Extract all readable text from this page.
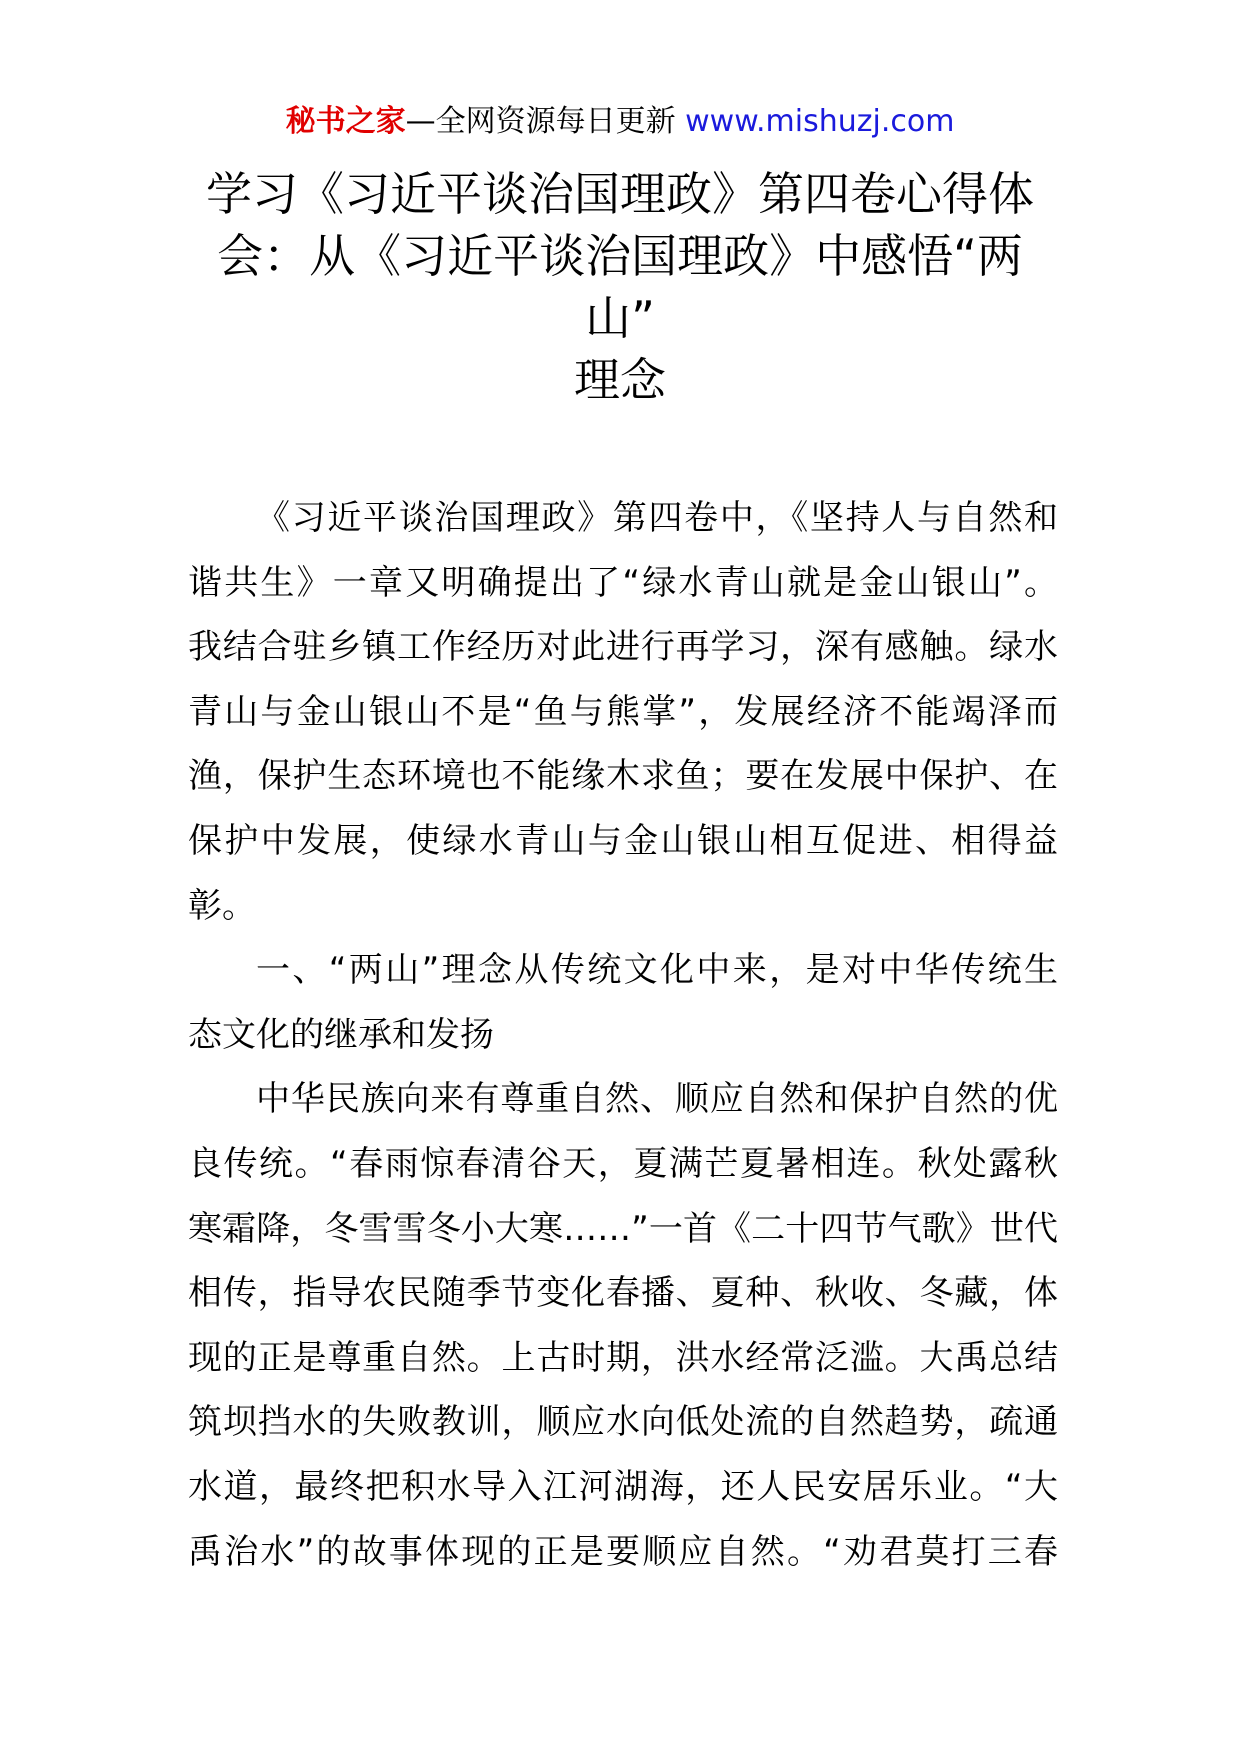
秘书之家—全网资源每日更新 www.mishuzj.com
学习《习近平谈治国理政》第四卷心得体
会：从《习近平谈治国理政》中感悟“两
山”
理念
《习近平谈治国理政》第四卷中，《坚持人与自然和
谐共生》一章又明确提出了“绿水青山就是金山银山”。
我结合驻乡镇工作经历对此进行再学习，深有感触。绿水
青山与金山银山不是“鱼与熊掌”，发展经济不能竭泽而
渔，保护生态环境也不能缘木求鱼；要在发展中保护、在
保护中发展，使绿水青山与金山银山相互促进、相得益
彰。
一、“两山”理念从传统文化中来，是对中华传统生
态文化的继承和发扬
中华民族向来有尊重自然、顺应自然和保护自然的优
良传统。“春雨惊春清谷天，夏满芒夏暑相连。秋处露秋
寒霜降，冬雪雪冬小大寒……”一首《二十四节气歌》世代
相传，指导农民随季节变化春播、夏种、秋收、冬藏，体
现的正是尊重自然。上古时期，洪水经常泛滥。大禹总结
筑坝挡水的失败教训，顺应水向低处流的自然趋势，疏通
水道，最终把积水导入江河湖海，还人民安居乐业。“大
禹治水”的故事体现的正是要顺应自然。“劝君莫打三春
